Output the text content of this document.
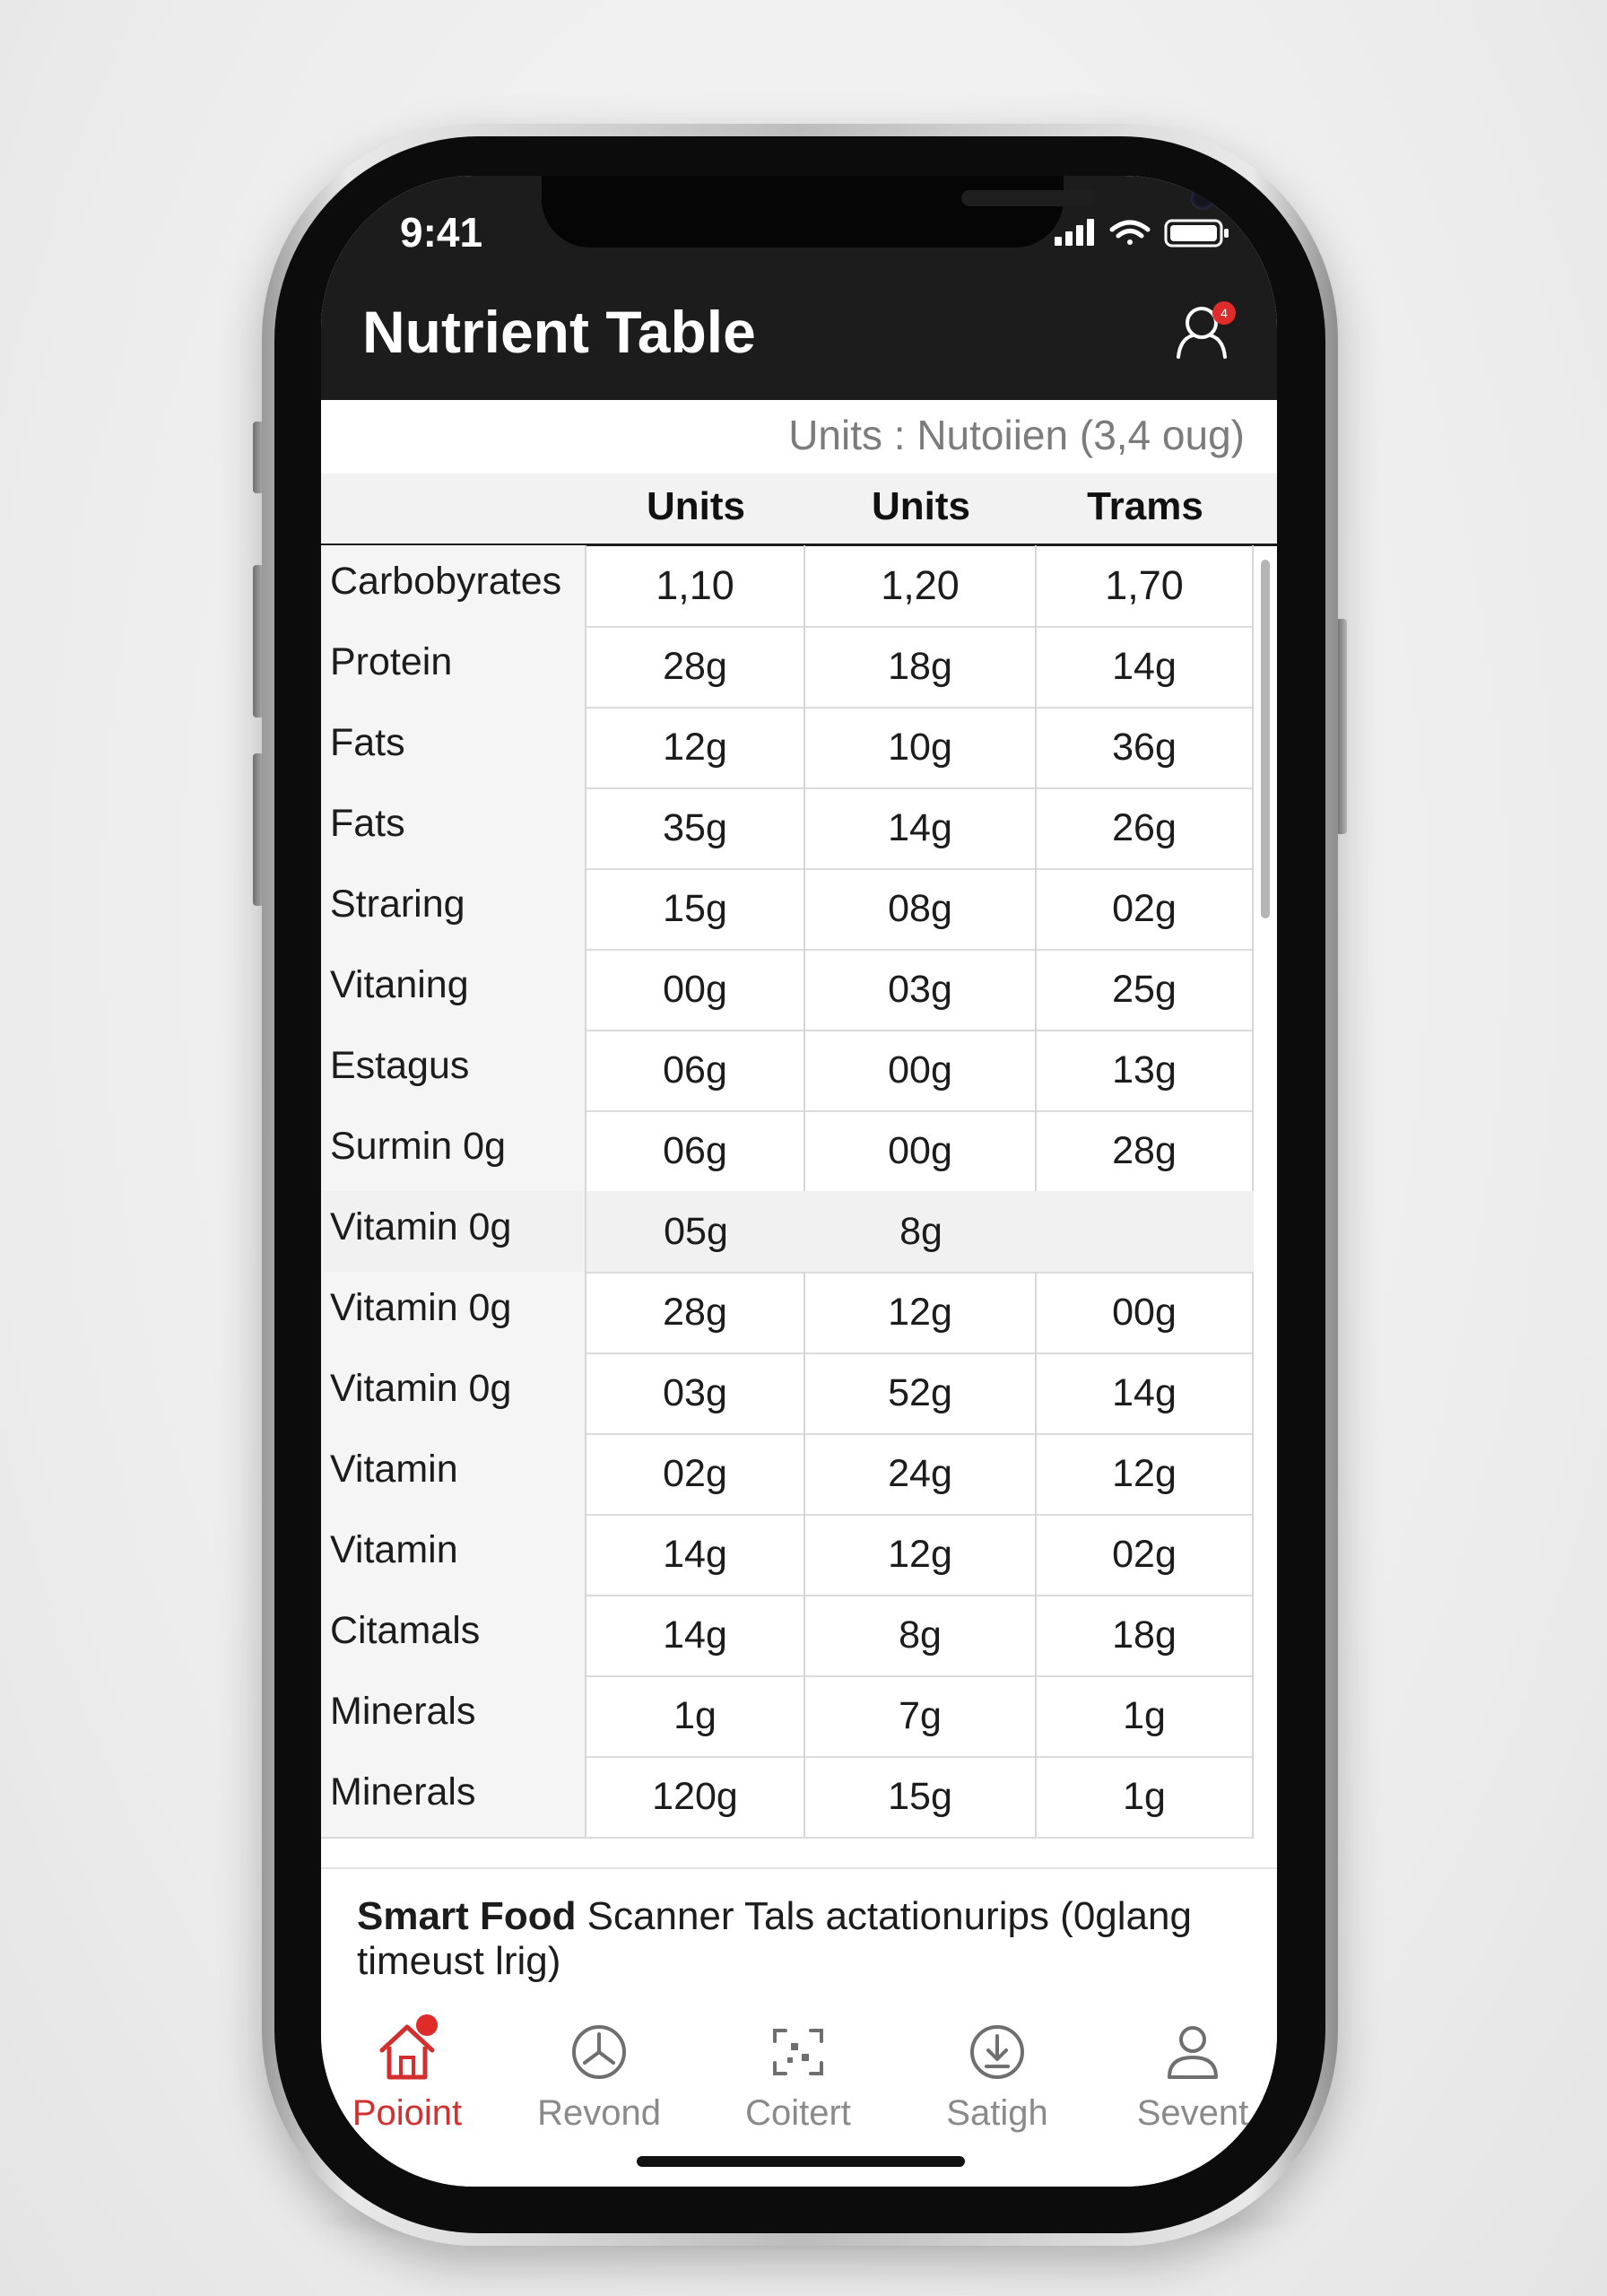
9:41
Nutrient Table	4
Units : Nutoiien (3,4 oug)
Units	Units	Trams
Carbobyrates	1,10	1,20	1,70
Protein	28g	18g	14g
Fats	12g	10g	36g
Fats	35g	14g	26g
Straring	15g	08g	02g
Vitaning	00g	03g	25g
Estagus	06g	00g	13g
Surmin 0g	06g	00g	28g
Vitamin 0g	05g	8g
Vitamin 0g	28g	12g	00g
Vitamin 0g	03g	52g	14g
Vitamin	02g	24g	12g
Vitamin	14g	12g	02g
Citamals	14g	8g	18g
Minerals	1g	7g	1g
Minerals	120g	15g	1g
Smart Food Scanner Tals actationurips (0glang timeust lrig)
Poioint	Revond	Coitert	Satigh	Sevent
